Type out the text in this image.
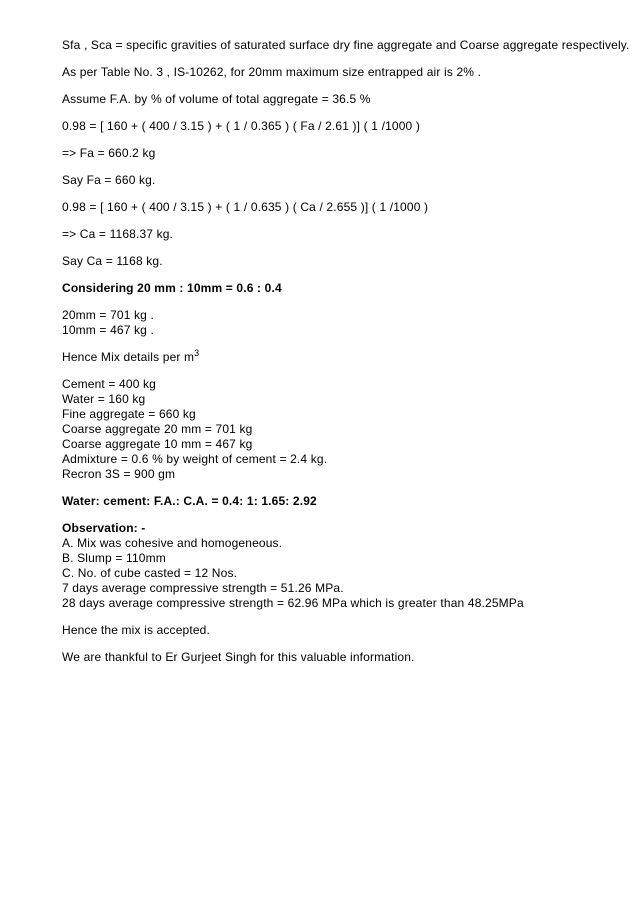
Sfa , Sca = specific gravities of saturated surface dry fine aggregate and Coarse aggregate respectively.

As per Table No. 3 , IS-10262, for 20mm maximum size entrapped air is 2% .

Assume F.A. by % of volume of total aggregate = 36.5 %

0.98 = [ 160 + ( 400 / 3.15 ) + ( 1 / 0.365 ) ( Fa / 2.61 )] ( 1 /1000 )

=> Fa = 660.2 kg

Say Fa = 660 kg.

0.98 = [ 160 + ( 400 / 3.15 ) + ( 1 / 0.635 ) ( Ca / 2.655 )] ( 1 /1000 )

=> Ca = 1168.37 kg.

Say Ca = 1168 kg.

Considering 20 mm : 10mm = 0.6 : 0.4

20mm = 701 kg .

10mm = 467 kg .

Hence Mix details per $m^3$

Cement = 400 kg

Water = 160 kg

Fine aggregate = 660 kg

Coarse aggregate 20 mm = 701 kg

Coarse aggregate 10 mm = 467 kg

Admixture = 0.6 % by weight of cement = 2.4 kg.

Recron 3S = 900 gm

Water: cement: F.A.: C.A. = 0.4: 1: 1.65: 2.92

Observation: -

A. Mix was cohesive and homogeneous.

B. Slump = 110mm

C. No. of cube casted = 12 Nos.

7 days average compressive strength = 51.26 MPa.

28 days average compressive strength = 62.96 MPa which is greater than 48.25MPa

Hence the mix is accepted.

We are thankful to Er Gurjeet Singh for this valuable information.
